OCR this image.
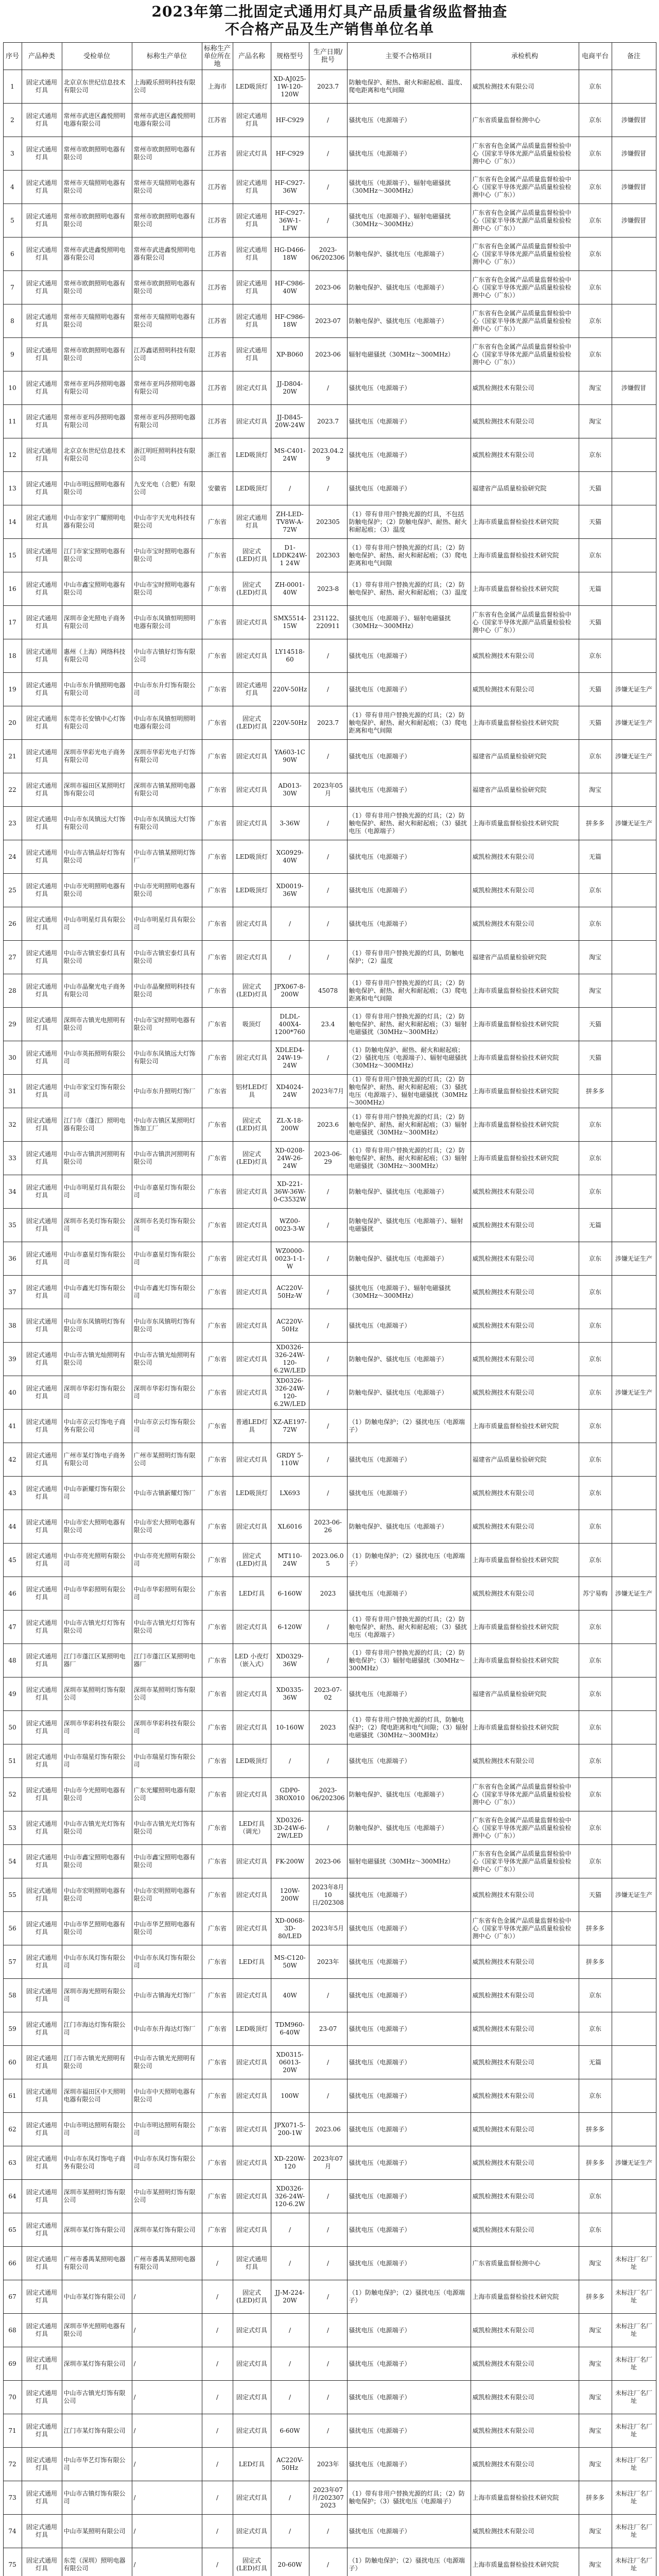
2023年第二批固定式通用灯具产品质量省级监督抽查
不合格产品及生产销售单位名单
序号	产品种类	受检单位	标称生产单位	标称生产单位所在地	产品名称	规格型号	生产日期/批号	主要不合格项目	承检机构	电商平台	备注
1	固定式通用灯具	北京京东世纪信息技术有限公司	上海殿乐照明科技有限公司	上海市	LED吸顶灯	XD-AJ025-1W-120-120W	2023.7	防触电保护、耐热、耐火和耐起痕、温度、爬电距离和电气间隙	威凯检测技术有限公司	京东	
2	固定式通用灯具	常州市武进区鑫悦照明电器有限公司	常州市武进区鑫悦照明电器有限公司	江苏省	固定式通用灯具	HF-C929	/	骚扰电压（电源端子）	广东省质量监督检测中心	京东	涉嫌假冒
3	固定式通用灯具	常州市欧朗照明电器有限公司	常州市欧朗照明电器有限公司	江苏省	固定式灯具	HF-C929	/	骚扰电压（电源端子）	广东省有色金属产品质量监督检验中心（国家半导体光源产品质量检验检测中心（广东））	京东	涉嫌假冒
4	固定式通用灯具	常州市天瑞照明电器有限公司	常州市天瑞照明电器有限公司	江苏省	固定式通用灯具	HF-C927-36W	/	骚扰电压（电源端子）、辐射电磁骚扰（30MHz～300MHz）	广东省有色金属产品质量监督检验中心（国家半导体光源产品质量检验检测中心（广东））	京东	涉嫌假冒
5	固定式通用灯具	常州市欧朗照明电器有限公司	常州市欧朗照明电器有限公司	江苏省	固定式通用灯具	HF-C927-36W-1-LFW	/	骚扰电压（电源端子）、辐射电磁骚扰（30MHz～300MHz）	广东省有色金属产品质量监督检验中心（国家半导体光源产品质量检验检测中心（广东））	京东	涉嫌假冒
6	固定式通用灯具	常州市武进鑫悦照明电器有限公司	常州市武进鑫悦照明电器有限公司	江苏省	固定式通用灯具	HG-D466-18W	2023-06/202306	防触电保护、骚扰电压（电源端子）	广东省有色金属产品质量监督检验中心（国家半导体光源产品质量检验检测中心（广东））	京东	
7	固定式通用灯具	常州市欧朗照明电器有限公司	常州市欧朗照明电器有限公司	江苏省	固定式通用灯具	HF-C986-40W	2023-06	防触电保护、骚扰电压（电源端子）	广东省有色金属产品质量监督检验中心（国家半导体光源产品质量检验检测中心（广东））	京东	
8	固定式通用灯具	常州市天瑞照明电器有限公司	常州市天瑞照明电器有限公司	江苏省	固定式通用灯具	HF-C986-18W	2023-07	防触电保护、骚扰电压（电源端子）	广东省有色金属产品质量监督检验中心（国家半导体光源产品质量检验检测中心（广东））	京东	
9	固定式通用灯具	常州市欧朗照明电器有限公司	江苏鑫诺照明科技有限公司	江苏省	固定式通用灯具	XP-B060	2023-06	辐射电磁骚扰（30MHz～300MHz）	广东省有色金属产品质量监督检验中心（国家半导体光源产品质量检验检测中心（广东））	京东	
10	固定式通用灯具	常州市亚玛莎照明电器有限公司	常州市亚玛莎照明电器有限公司	江苏省	固定式灯具	JJ-D804-20W	/	骚扰电压（电源端子）	威凯检测技术有限公司	淘宝	涉嫌假冒
11	固定式通用灯具	常州市亚玛莎照明电器有限公司	常州市亚玛莎照明电器有限公司	江苏省	固定式灯具	JJ-D845-20W-24W	2023.7	骚扰电压（电源端子）	威凯检测技术有限公司	淘宝	
12	固定式通用灯具	北京京东世纪信息技术有限公司	浙江明旺照明科技有限公司	浙江省	LED吸顶灯	MS-C401-24W	2023.04.29	骚扰电压（电源端子）	威凯检测技术有限公司	京东	
13	固定式通用灯具	中山市明远照明电器有限公司	九安光电（合肥）有限公司	安徽省	LED吸顶灯	/	/	骚扰电压（电源端子）	福建省产品质量检验研究院	天猫	
14	固定式通用灯具	中山市家宇广耀照明电器有限公司	中山市宇天光电科技有限公司	广东省	固定式通用灯具	ZH-LED-TV8W-A-72W	202305	（1）带有非用户替换光源的灯具，不包括防触电保护；（2）防触电保护、耐热、耐火和耐起痕；（3）温度	上海市质量监督检验技术研究院	天猫	
15	固定式通用灯具	江门市家宝照明电器有限公司	中山市宝时照明电器有限公司	广东省	固定式(LED)灯具	D1-LDDK24W-1 24W	202303	（1）带有非用户替换光源的灯具；（2）防触电保护、耐热、耐火和耐起痕；（3）爬电距离和电气间隙	上海市质量监督检验技术研究院	京东	
16	固定式通用灯具	中山市鑫宝照明电器有限公司	中山市宝时照明电器有限公司	广东省	固定式(LED)灯具	ZH-0001-40W	2023-8	（1）带有非用户替换光源的灯具；（2）防触电保护、耐热、耐火和耐起痕；（3）温度	上海市质量监督检验技术研究院	无篇	
17	固定式通用灯具	深圳市金光照电子商务有限公司	中山市东凤镇恒明照明电器有限公司	广东省	固定式灯具	SMX5514-15W	231122、220911	骚扰电压（电源端子）、辐射电磁骚扰（30MHz～300MHz）	广东省有色金属产品质量监督检验中心（国家半导体光源产品质量检验检测中心（广东））	天猫	
18	固定式通用灯具	惠州（上海）网络科技有限公司	中山市古镇好灯饰有限公司	广东省	固定式灯具	LY14518-60	/	骚扰电压（电源端子）	威凯检测技术有限公司	京东	
19	固定式通用灯具	中山市东升镇照明电器有限公司	中山市东升灯饰有限公司	广东省	固定式通用灯具	220V-50Hz	/	骚扰电压（电源端子）	威凯检测技术有限公司	天猫	涉嫌无证生产
20	固定式通用灯具	东莞市长安镇中心灯饰有限公司	中山市东凤镇恒明照明电器有限公司	广东省	固定式(LED)灯具	220V-50Hz	2023.7	（1）带有非用户替换光源的灯具；（2）防触电保护、耐热、耐火和耐起痕；（3）爬电距离和电气间隙	上海市质量监督检验技术研究院	天猫	涉嫌无证生产
21	固定式通用灯具	深圳市华彩光电子商务有限公司	深圳市华彩光电子灯饰有限公司	广东省	固定式灯具	YA603-1C 90W	/	骚扰电压（电源端子）	福建省产品质量检验研究院	京东	涉嫌无证生产
22	固定式通用灯具	深圳市福田区某照明灯饰有限公司	深圳市古镇某照明电器有限公司	广东省	固定式灯具	AD013-30W	2023年05月	骚扰电压（电源端子）	福建省产品质量检验研究院	淘宝	
23	固定式通用灯具	中山市东凤镇远大灯饰有限公司	中山市东凤镇远大灯饰有限公司	广东省	固定式灯具	3-36W	/	（1）带有非用户替换光源的灯具；（2）防触电保护、耐热、耐火和耐起痕；（3）骚扰电压（电源端子）	上海市质量监督检验技术研究院	拼多多	涉嫌无证生产
24	固定式通用灯具	中山市古镇品好灯饰有限公司	中山市古镇某照明灯饰厂	广东省	LED吸顶灯	XG0929-40W	/	骚扰电压（电源端子）	威凯检测技术有限公司	无篇	
25	固定式通用灯具	中山市光明照明电器有限公司	中山市光明照明电器有限公司	广东省	LED吸顶灯	XD0019-36W	/	骚扰电压（电源端子）	威凯检测技术有限公司	京东	
26	固定式通用灯具	中山市明星灯具有限公司	中山市明星灯具有限公司	广东省	固定式灯具	/	/	骚扰电压（电源端子）	威凯检测技术有限公司	京东	
27	固定式通用灯具	中山市古镇宏泰灯具有限公司	中山市古镇宏泰灯具有限公司	广东省	固定式灯具	/	/	（1）带有非用户替换光源的灯具，防触电保护；（2）温度	福建省产品质量检验研究院	淘宝	
28	固定式通用灯具	中山市晶聚光电子商务有限公司	中山市晶聚照明科技有限公司	广东省	固定式(LED)灯具	JPX067-8-200W	45078	（1）带有非用户替换光源的灯具；（2）防触电保护、耐热、耐火和耐起痕；（3）爬电距离和电气间隙	上海市质量监督检验技术研究院	淘宝	
29	固定式通用灯具	深圳市古镇光电照明有限公司	中山市宝时照明电器有限公司	广东省	吸顶灯	DLDL-400X4-1200*760	23.4	（1）带有非用户替换光源的灯具；（2）防触电保护、耐热、耐火和耐起痕；（3）辐射电磁骚扰（30MHz～300MHz）	上海市质量监督检验技术研究院	天猫	
30	固定式通用灯具	中山市英拓照明有限公司	中山市东凤镇远大灯饰有限公司	广东省	固定式灯具	XDLED4-24W-19-24W	/	（1）防触电保护、耐热、耐火和耐起痕；（2）骚扰电压（电源端子）、辐射电磁骚扰（30MHz～300MHz）	上海市质量监督检验技术研究院	天猫	
31	固定式通用灯具	中山市家宝灯饰有限公司	中山市东升照明灯饰厂	广东省	铝材LED灯具	XD4024-24W	2023年7月	（1）带有非用户替换光源的灯具；（2）防触电保护、耐热、耐火和耐起痕；（3）骚扰电压（电源端子）、辐射电磁骚扰（30MHz～300MHz）	上海市质量监督检验技术研究院	拼多多	
32	固定式通用灯具	江门市（蓬江）照明电器有限公司	中山市古镇区某照明灯饰加工厂	广东省	固定式(LED)灯具	ZL-X-18-200W	2023.6	（1）带有非用户替换光源的灯具；（2）防触电保护、耐热、耐火和耐起痕；（3）辐射电磁骚扰（30MHz～300MHz）	上海市质量监督检验技术研究院	京东	
33	固定式通用灯具	中山市古镇洪河照明有限公司	中山市古镇洪河照明有限公司	广东省	固定式(LED)灯具	XD-0208-24W-26-24W	2023-06-29	（1）带有非用户替换光源的灯具；（2）防触电保护、耐热、耐火和耐起痕；（3）辐射电磁骚扰（30MHz～300MHz）	上海市质量监督检验技术研究院	京东	
34	固定式通用灯具	中山市明星灯具有限公司	中山市嘉星灯饰有限公司	广东省	固定式灯具	XD-221-36W-36W-0-C3532W	/	防触电保护、骚扰电压（电源端子）	威凯检测技术有限公司	京东	
35	固定式通用灯具	深圳市名美灯饰有限公司	深圳市名美灯饰有限公司	广东省	固定式灯具	WZ00-0023-3-W	/	防触电保护、骚扰电压（电源端子）、辐射电磁骚扰	威凯检测技术有限公司	无篇	
36	固定式通用灯具	中山市嘉星灯饰有限公司	中山市嘉星灯饰有限公司	广东省	固定式灯具	WZ0000-0023-1-1-W	/	防触电保护、骚扰电压（电源端子）	威凯检测技术有限公司	京东	涉嫌无证生产
37	固定式通用灯具	中山市鑫光灯饰有限公司	中山市鑫光灯饰有限公司	广东省	固定式灯具	AC220V-50Hz-W	/	骚扰电压（电源端子）、辐射电磁骚扰（30MHz～300MHz）	威凯检测技术有限公司	京东	
38	固定式通用灯具	中山市东凤镇明灯饰有限公司	中山市东凤镇明灯饰有限公司	广东省	固定式灯具	AC220V-50Hz	/	骚扰电压（电源端子）	威凯检测技术有限公司	京东	
39	固定式通用灯具	中山市古镇光灿照明有限公司	中山市古镇光灿照明有限公司	广东省	固定式灯具	XD0326-326-24W-120-6.2W/LED	/	防触电保护、骚扰电压（电源端子）	威凯检测技术有限公司	京东	
40	固定式通用灯具	深圳市华彩灯饰有限公司	深圳市华彩灯饰有限公司	广东省	固定式灯具	XD0326-326-24W-120-6.2W/LED	/	防触电保护、骚扰电压（电源端子）	威凯检测技术有限公司	京东	涉嫌无证生产
41	固定式通用灯具	中山市京云灯饰电子商务有限公司	中山市京云灯饰有限公司	广东省	普通LED灯具	XZ-AE197-72W	/	（1）防触电保护；（2）骚扰电压（电源端子）	上海市质量监督检验技术研究院	京东	
42	固定式通用灯具	广州市某灯饰电子商务有限公司	广州市某照明灯饰有限公司	广东省	固定式灯具	GRDY 5-110W	/	骚扰电压（电源端子）	福建省产品质量检验研究院	京东	
43	固定式通用灯具	中山市新耀灯饰有限公司	中山市古镇新耀灯饰厂	广东省	LED吸顶灯	LX693	/	骚扰电压（电源端子）	威凯检测技术有限公司	京东	
44	固定式通用灯具	中山市宏大照明电器有限公司	中山市宏大照明电器有限公司	广东省	固定式灯具	XL6016	2023-06-26	防触电保护、骚扰电压（电源端子）	威凯检测技术有限公司	京东	
45	固定式通用灯具	中山市亮光照明有限公司	中山市亮光照明有限公司	广东省	固定式(LED)灯具	MT110-24W	2023.06.05	（1）防触电保护；（2）骚扰电压（电源端子）	上海市质量监督检验技术研究院	京东	
46	固定式通用灯具	中山市华彩照明有限公司	中山市华彩照明有限公司	广东省	LED灯具	6-160W	2023	骚扰电压（电源端子）	威凯检测技术有限公司	苏宁易购	涉嫌无证生产
47	固定式通用灯具	中山市古镇光灯灯饰有限公司	中山市古镇光灯灯饰有限公司	广东省	固定式灯具	6-120W	/	（1）带有非用户替换光源的灯具；（2）防触电保护、耐热、耐火和耐起痕；（3）骚扰电压（电源端子）	上海市质量监督检验技术研究院	京东	
48	固定式通用灯具	江门市蓬江区某照明电器厂	江门市蓬江区某照明电器厂	广东省	LED 小夜灯（嵌入式）	XD0329-36W	/	（1）带有非用户替换光源的灯具；（2）防触电保护；（3）辐射电磁骚扰（30MHz～300MHz）	上海市质量监督检验技术研究院	京东	
49	固定式通用灯具	深圳市某照明灯饰有限公司	深圳市某照明灯饰有限公司	广东省	固定式灯具	XD0335-36W	2023-07-02	骚扰电压（电源端子）	福建省产品质量检验研究院	京东	
50	固定式通用灯具	深圳市华彩科技有限公司	深圳市华彩科技有限公司	广东省	固定式灯具	10-160W	2023	（1）带有非用户替换光源的灯具，防触电保护；（2）爬电距离和电气间隙；（3）辐射电磁骚扰（30MHz～300MHz）	上海市质量监督检验技术研究院	京东	
51	固定式通用灯具	中山市瑞星灯饰有限公司	中山市瑞星灯饰有限公司	广东省	LED吸顶灯	/	/	骚扰电压（电源端子）	威凯检测技术有限公司	京东	
52	固定式通用灯具	中山市今光照明电器有限公司	广东光耀照明电器有限公司	广东省	固定式灯具	GDP0-3ROX010	2023-06/202306	防触电保护、骚扰电压（电源端子）	广东省有色金属产品质量监督检验中心（国家半导体光源产品质量检验检测中心（广东））	京东	
53	固定式通用灯具	中山市古镇光光灯饰有限公司	中山市古镇光光灯饰有限公司	广东省	LED灯具（调光）	XD0326-3D-24W-6-2W/LED	/	防触电保护、骚扰电压（电源端子）	广东省有色金属产品质量监督检验中心（国家半导体光源产品质量检验检测中心（广东））	京东	
54	固定式通用灯具	中山市鑫宝照明电器有限公司	中山市鑫宝照明电器有限公司	广东省	固定式灯具	FK-200W	2023-06	辐射电磁骚扰（30MHz～300MHz）	广东省有色金属产品质量监督检验中心（国家半导体光源产品质量检验检测中心（广东））	京东	
55	固定式通用灯具	中山市宏明照明电器有限公司	中山市宏明照明电器有限公司	广东省	固定式灯具	120W-200W	2023年8月10日/202308	骚扰电压（电源端子）	威凯检测技术有限公司	天猫	涉嫌无证生产
56	固定式通用灯具	中山市华艺照明电器有限公司	中山市华艺照明电器有限公司	广东省	固定式灯具	XD-0068-3D-80/LED	2023年5月	骚扰电压（电源端子）	广东省有色金属产品质量监督检验中心（国家半导体光源产品质量检验检测中心（广东））	拼多多	
57	固定式通用灯具	中山市东凤灯饰有限公司	中山市东凤灯饰有限公司	广东省	LED灯具	MS-C120-50W	2023年	骚扰电压（电源端子）	威凯检测技术有限公司	拼多多	
58	固定式通用灯具	深圳市海光照明有限公司	中山市古镇海光灯饰厂	广东省	固定式灯具	40W	/	骚扰电压（电源端子）	威凯检测技术有限公司	京东	
59	固定式通用灯具	江门市海达灯饰有限公司	中山市东升海达灯饰厂	广东省	LED吸顶灯	TDM960-6-40W	23-07	骚扰电压（电源端子）	威凯检测技术有限公司	京东	
60	固定式通用灯具	江门市古镇光光照明有限公司	中山市古镇光光照明有限公司	广东省	固定式灯具	XD0315-06013-20W	/	骚扰电压（电源端子）	威凯检测技术有限公司	无篇	
61	固定式通用灯具	深圳市福田区中天照明电器有限公司	中山市中天照明电器有限公司	广东省	固定式灯具	100W	/	骚扰电压（电源端子）	威凯检测技术有限公司	京东	
62	固定式通用灯具	中山市明达照明有限公司	中山市明达照明有限公司	广东省	固定式灯具	JPX071-5-200-1W	2023.06	骚扰电压（电源端子）	威凯检测技术有限公司	拼多多	
63	固定式通用灯具	中山市东凤灯饰电子商务有限公司	中山市东凤灯饰有限公司	广东省	固定式灯具	XD-220W-120	2023年07月	骚扰电压（电源端子）	威凯检测技术有限公司	拼多多	涉嫌无证生产
64	固定式通用灯具	深圳市某照明灯饰有限公司	中山市某照明灯饰有限公司	广东省	固定式灯具	XD0326-326-24W-120-6.2W	/	骚扰电压（电源端子）	威凯检测技术有限公司	京东	
65	固定式通用灯具	深圳市某灯饰有限公司	深圳市某灯饰有限公司	广东省	固定式灯具	/	/	骚扰电压（电源端子）	威凯检测技术有限公司	京东	
66	固定式通用灯具	广州市番禺某照明电器有限公司	广州市番禺某照明电器有限公司	/	固定式通用灯具	/	/	骚扰电压（电源端子）	广东省质量监督检测中心	淘宝	未标注厂名厂址
67	固定式通用灯具	中山市某灯饰有限公司	/	/	固定式(LED)灯具	JJ-M-224-20W	/	（1）防触电保护；（2）骚扰电压（电源端子）	上海市质量监督检验技术研究院	拼多多	未标注厂名厂址
68	固定式通用灯具	深圳市华光照明电器有限公司	/	/	固定式灯具	/	/	骚扰电压（电源端子）	威凯检测技术有限公司	淘宝	未标注厂名厂址
69	固定式通用灯具	深圳市某灯饰有限公司	/	/	固定式灯具	/	/	骚扰电压（电源端子）	威凯检测技术有限公司	淘宝	未标注厂名厂址
70	固定式通用灯具	中山市古镇光灯饰有限公司	/	/	固定式灯具	/	/	骚扰电压（电源端子）	威凯检测技术有限公司	淘宝	未标注厂名厂址
71	固定式通用灯具	江门市某灯饰有限公司	/	/	固定式灯具	6-60W	/	骚扰电压（电源端子）	威凯检测技术有限公司	淘宝	未标注厂名厂址
72	固定式通用灯具	中山市华艺灯饰有限公司	/	/	LED灯具	AC220V-50Hz	2023年	骚扰电压（电源端子）	威凯检测技术有限公司	淘宝	未标注厂名厂址
73	固定式通用灯具	中山市古镇灯饰有限公司	/	/	固定式灯具	/	2023年07月/2023072023	（1）带有非用户替换光源的灯具；（2）防触电保护；（3）骚扰电压（电源端子）	上海市质量监督检验技术研究院	拼多多	未标注厂名厂址
74	固定式通用灯具	中山市某照明有限公司	/	/	固定式灯具	/	/	骚扰电压（电源端子）	威凯检测技术有限公司	淘宝	未标注厂名厂址
75	固定式通用灯具	东莞（深圳）照明电器有限公司	/	/	固定式(LED)灯具	20-60W	/	（1）防触电保护；（2）骚扰电压（电源端子）	上海市质量监督检验技术研究院	淘宝	未标注厂名厂址
